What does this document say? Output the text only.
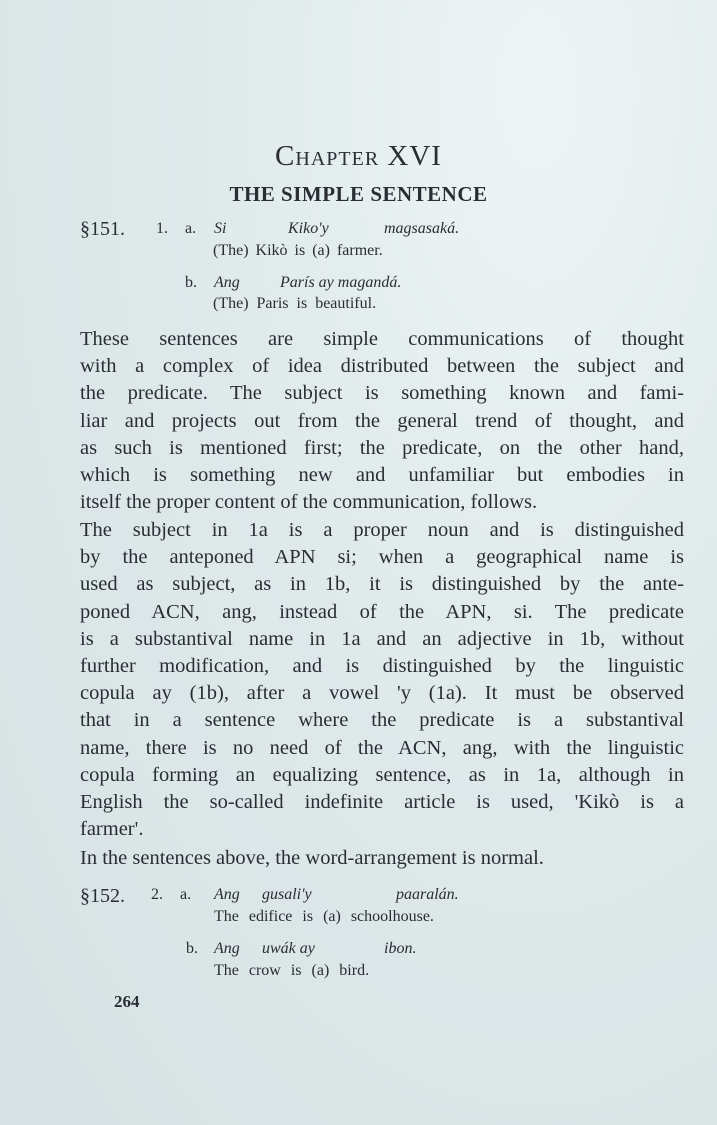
Chapter XVI
THE SIMPLE SENTENCE
§151. 1. a. Si	Kiko'y	magsasaká.
(The) Kikò is (a) farmer.
b. Ang	París ay magandá.
(The) Paris is beautiful.
These sentences are simple communications of thought
with a complex of idea distributed between the subject and
the predicate. The subject is something known and fami-
liar and projects out from the general trend of thought, and
as such is mentioned first; the predicate, on the other hand,
which is something new and unfamiliar but embodies in
itself the proper content of the communication, follows.
The subject in 1a is a proper noun and is distinguished
by the anteponed APN si; when a geographical name is
used as subject, as in 1b, it is distinguished by the ante-
poned ACN, ang, instead of the APN, si. The predicate
is a substantival name in 1a and an adjective in 1b, without
further modification, and is distinguished by the linguistic
copula ay (1b), after a vowel 'y (1a). It must be observed
that in a sentence where the predicate is a substantival
name, there is no need of the ACN, ang, with the linguistic
copula forming an equalizing sentence, as in 1a, although in
English the so-called indefinite article is used, 'Kikò is a
farmer'.
In the sentences above, the word-arrangement is normal.
§152. 2. a. Ang gusali'y	paaralán.
The edifice is (a) schoolhouse.
b. Ang uwák ay	ibon.
The crow is (a) bird.
264
